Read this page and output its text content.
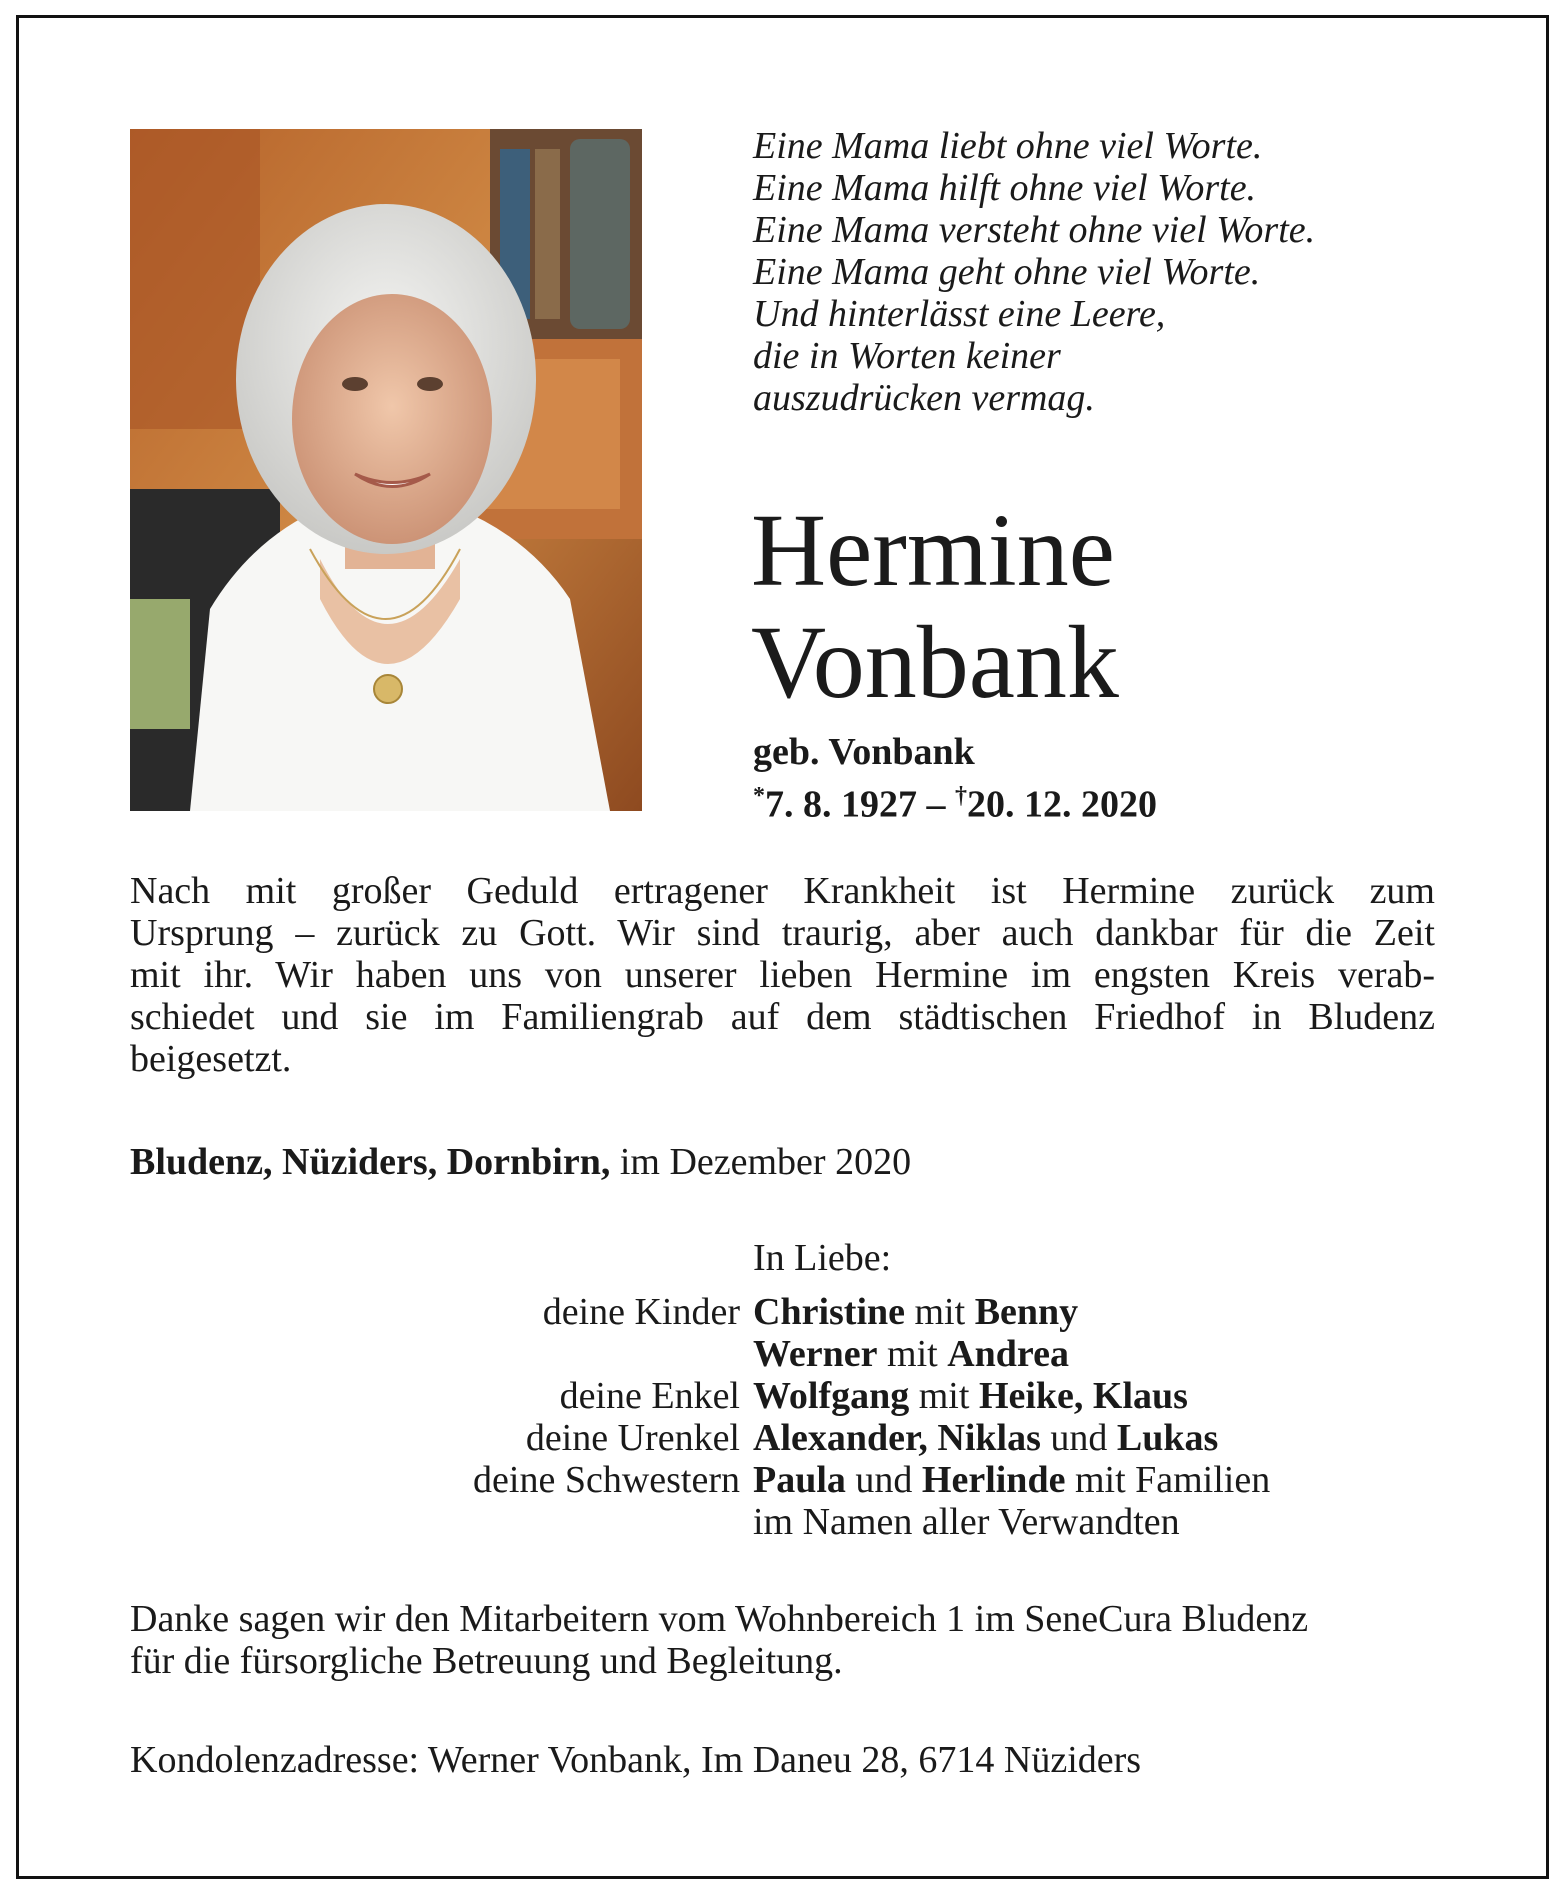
Eine Mama liebt ohne viel Worte.
Eine Mama hilft ohne viel Worte.
Eine Mama versteht ohne viel Worte.
Eine Mama geht ohne viel Worte.
Und hinterlässt eine Leere,
die in Worten keiner
auszudrücken vermag.
Hermine
Vonbank
geb. Vonbank
*7. 8. 1927 – †20. 12. 2020
Nach mit großer Geduld ertragener Krankheit ist Hermine zurück zum
Ursprung – zurück zu Gott. Wir sind traurig, aber auch dankbar für die Zeit
mit ihr. Wir haben uns von unserer lieben Hermine im engsten Kreis verab-
schiedet und sie im Familiengrab auf dem städtischen Friedhof in Bludenz
beigesetzt.
Bludenz, Nüziders, Dornbirn, im Dezember 2020
In Liebe:
deine Kinder Christine mit Benny
Werner mit Andrea
deine Enkel Wolfgang mit Heike, Klaus
deine Urenkel Alexander, Niklas und Lukas
deine Schwestern Paula und Herlinde mit Familien
im Namen aller Verwandten
Danke sagen wir den Mitarbeitern vom Wohnbereich 1 im SeneCura Bludenz
für die fürsorgliche Betreuung und Begleitung.
Kondolenzadresse: Werner Vonbank, Im Daneu 28, 6714 Nüziders
